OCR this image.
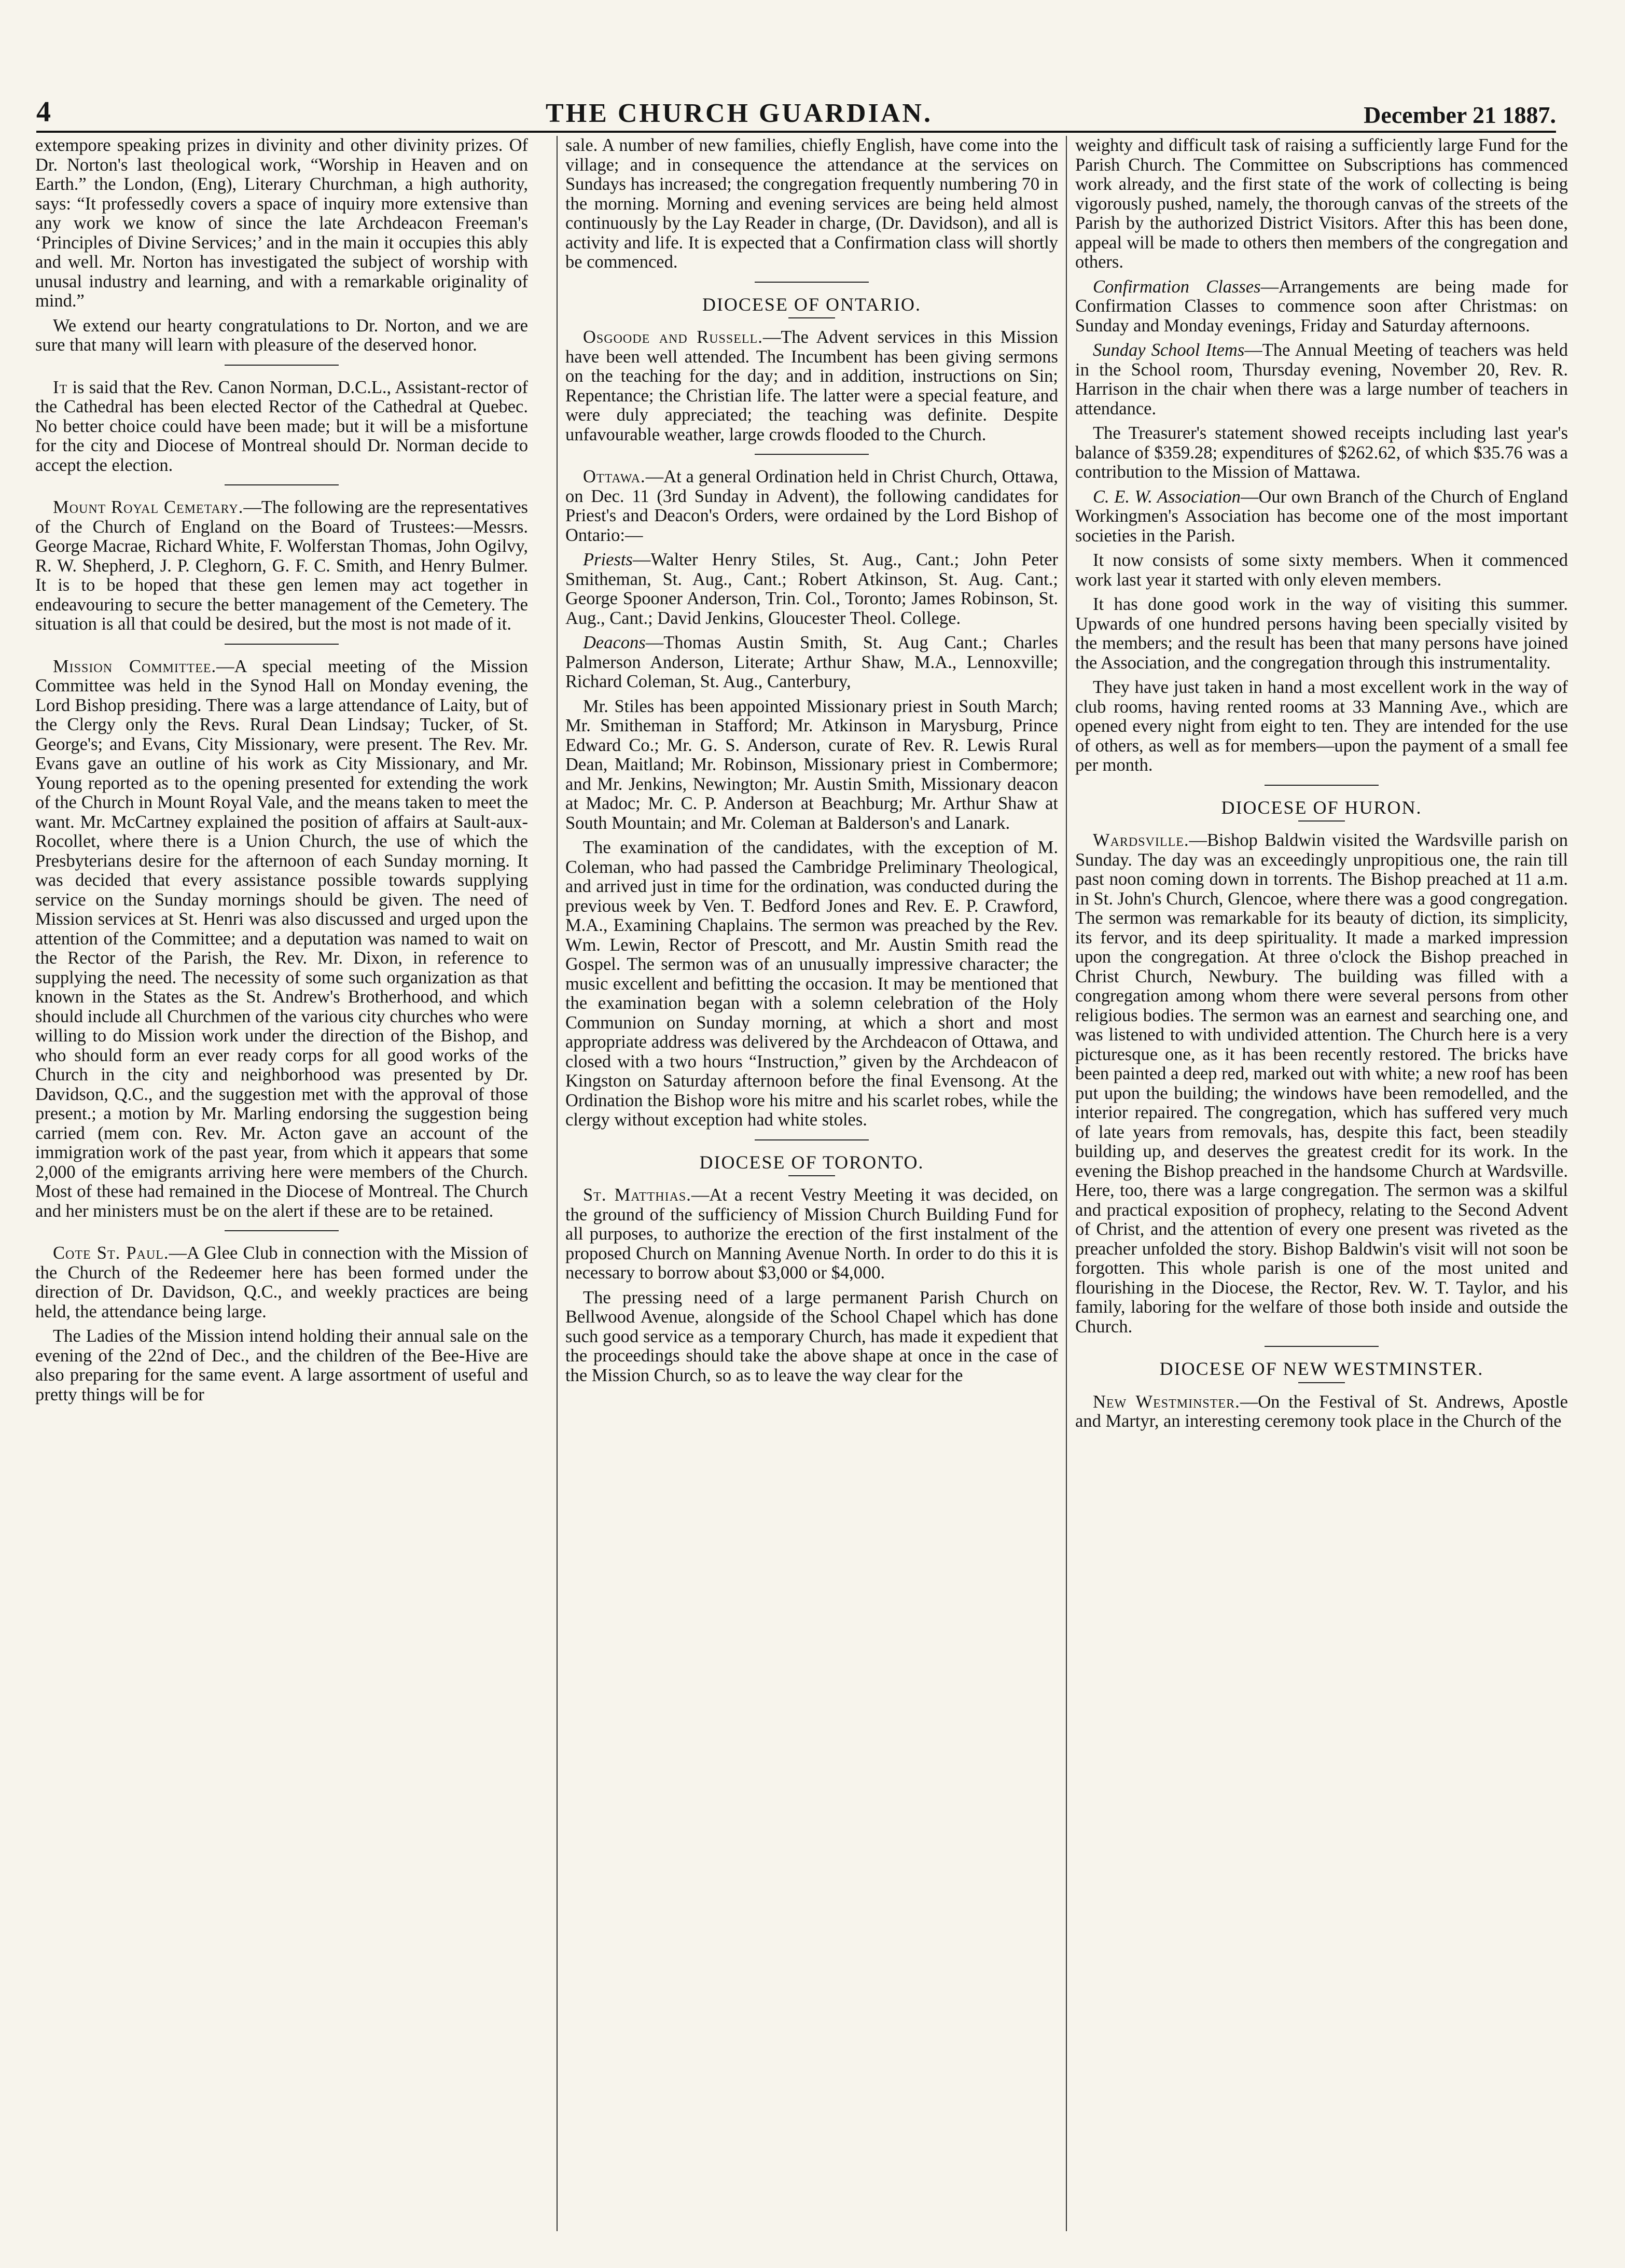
4	THE CHURCH GUARDIAN.	December 21 1887.

extempore speaking prizes in divinity and other divinity prizes. Of Dr. Norton's last theological work, “Worship in Heaven and on Earth.” the London, (Eng), Literary Churchman, a high authority, says: “It professedly covers a space of inquiry more extensive than any work we know of since the late Archdeacon Freeman's ‘Principles of Divine Services;’ and in the main it occupies this ably and well. Mr. Norton has investigated the subject of worship with unusal industry and learning, and with a remarkable originality of mind.”

We extend our hearty congratulations to Dr. Norton, and we are sure that many will learn with pleasure of the deserved honor.

It is said that the Rev. Canon Norman, D.C.L., Assistant-rector of the Cathedral has been elected Rector of the Cathedral at Quebec. No better choice could have been made; but it will be a misfortune for the city and Diocese of Montreal should Dr. Norman decide to accept the election.

Mount Royal Cemetary.—The following are the representatives of the Church of England on the Board of Trustees:—Messrs. George Macrae, Richard White, F. Wolferstan Thomas, John Ogilvy, R. W. Shepherd, J. P. Cleghorn, G. F. C. Smith, and Henry Bulmer. It is to be hoped that these gen lemen may act together in endeavouring to secure the better management of the Cemetery. The situation is all that could be desired, but the most is not made of it.

Mission Committee.—A special meeting of the Mission Committee was held in the Synod Hall on Monday evening, the Lord Bishop presiding. There was a large attendance of Laity, but of the Clergy only the Revs. Rural Dean Lindsay; Tucker, of St. George's; and Evans, City Missionary, were present. The Rev. Mr. Evans gave an outline of his work as City Missionary, and Mr. Young reported as to the opening presented for extending the work of the Church in Mount Royal Vale, and the means taken to meet the want. Mr. McCartney explained the position of affairs at Sault-aux-Rocollet, where there is a Union Church, the use of which the Presbyterians desire for the afternoon of each Sunday morning. It was decided that every assistance possible towards supplying service on the Sunday mornings should be given. The need of Mission services at St. Henri was also discussed and urged upon the attention of the Committee; and a deputation was named to wait on the Rector of the Parish, the Rev. Mr. Dixon, in reference to supplying the need. The necessity of some such organization as that known in the States as the St. Andrew's Brotherhood, and which should include all Churchmen of the various city churches who were willing to do Mission work under the direction of the Bishop, and who should form an ever ready corps for all good works of the Church in the city and neighborhood was presented by Dr. Davidson, Q.C., and the suggestion met with the approval of those present.; a motion by Mr. Marling endorsing the suggestion being carried (mem con. Rev. Mr. Acton gave an account of the immigration work of the past year, from which it appears that some 2,000 of the emigrants arriving here were members of the Church. Most of these had remained in the Diocese of Montreal. The Church and her ministers must be on the alert if these are to be retained.

Cote St. Paul.—A Glee Club in connection with the Mission of the Church of the Redeemer here has been formed under the direction of Dr. Davidson, Q.C., and weekly practices are being held, the attendance being large.

The Ladies of the Mission intend holding their annual sale on the evening of the 22nd of Dec., and the children of the Bee-Hive are also preparing for the same event. A large assortment of useful and pretty things will be for

sale. A number of new families, chiefly English, have come into the village; and in consequence the attendance at the services on Sundays has increased; the congregation frequently numbering 70 in the morning. Morning and evening services are being held almost continuously by the Lay Reader in charge, (Dr. Davidson), and all is activity and life. It is expected that a Confirmation class will shortly be commenced.

DIOCESE OF ONTARIO.

Osgoode and Russell.—The Advent services in this Mission have been well attended. The Incumbent has been giving sermons on the teaching for the day; and in addition, instructions on Sin; Repentance; the Christian life. The latter were a special feature, and were duly appreciated; the teaching was definite. Despite unfavourable weather, large crowds flooded to the Church.

Ottawa.—At a general Ordination held in Christ Church, Ottawa, on Dec. 11 (3rd Sunday in Advent), the following candidates for Priest's and Deacon's Orders, were ordained by the Lord Bishop of Ontario:—

Priests—Walter Henry Stiles, St. Aug., Cant.; John Peter Smitheman, St. Aug., Cant.; Robert Atkinson, St. Aug. Cant.; George Spooner Anderson, Trin. Col., Toronto; James Robinson, St. Aug., Cant.; David Jenkins, Gloucester Theol. College.

Deacons—Thomas Austin Smith, St. Aug Cant.; Charles Palmerson Anderson, Literate; Arthur Shaw, M.A., Lennoxville; Richard Coleman, St. Aug., Canterbury,

Mr. Stiles has been appointed Missionary priest in South March; Mr. Smitheman in Stafford; Mr. Atkinson in Marysburg, Prince Edward Co.; Mr. G. S. Anderson, curate of Rev. R. Lewis Rural Dean, Maitland; Mr. Robinson, Missionary priest in Combermore; and Mr. Jenkins, Newington; Mr. Austin Smith, Missionary deacon at Madoc; Mr. C. P. Anderson at Beachburg; Mr. Arthur Shaw at South Mountain; and Mr. Coleman at Balderson's and Lanark.

The examination of the candidates, with the exception of M. Coleman, who had passed the Cambridge Preliminary Theological, and arrived just in time for the ordination, was conducted during the previous week by Ven. T. Bedford Jones and Rev. E. P. Crawford, M.A., Examining Chaplains. The sermon was preached by the Rev. Wm. Lewin, Rector of Prescott, and Mr. Austin Smith read the Gospel. The sermon was of an unusually impressive character; the music excellent and befitting the occasion. It may be mentioned that the examination began with a solemn celebration of the Holy Communion on Sunday morning, at which a short and most appropriate address was delivered by the Archdeacon of Ottawa, and closed with a two hours “Instruction,” given by the Archdeacon of Kingston on Saturday afternoon before the final Evensong. At the Ordination the Bishop wore his mitre and his scarlet robes, while the clergy without exception had white stoles.

DIOCESE OF TORONTO.

St. Matthias.—At a recent Vestry Meeting it was decided, on the ground of the sufficiency of Mission Church Building Fund for all purposes, to authorize the erection of the first instalment of the proposed Church on Manning Avenue North. In order to do this it is necessary to borrow about $3,000 or $4,000.

The pressing need of a large permanent Parish Church on Bellwood Avenue, alongside of the School Chapel which has done such good service as a temporary Church, has made it expedient that the proceedings should take the above shape at once in the case of the Mission Church, so as to leave the way clear for the

weighty and difficult task of raising a sufficiently large Fund for the Parish Church. The Committee on Subscriptions has commenced work already, and the first state of the work of collecting is being vigorously pushed, namely, the thorough canvas of the streets of the Parish by the authorized District Visitors. After this has been done, appeal will be made to others then members of the congregation and others.

Confirmation Classes—Arrangements are being made for Confirmation Classes to commence soon after Christmas: on Sunday and Monday evenings, Friday and Saturday afternoons.

Sunday School Items—The Annual Meeting of teachers was held in the School room, Thursday evening, November 20, Rev. R. Harrison in the chair when there was a large number of teachers in attendance.

The Treasurer's statement showed receipts including last year's balance of $359.28; expenditures of $262.62, of which $35.76 was a contribution to the Mission of Mattawa.

C. E. W. Association—Our own Branch of the Church of England Workingmen's Association has become one of the most important societies in the Parish.

It now consists of some sixty members. When it commenced work last year it started with only eleven members.

It has done good work in the way of visiting this summer. Upwards of one hundred persons having been specially visited by the members; and the result has been that many persons have joined the Association, and the congregation through this instrumentality.

They have just taken in hand a most excellent work in the way of club rooms, having rented rooms at 33 Manning Ave., which are opened every night from eight to ten. They are intended for the use of others, as well as for members—upon the payment of a small fee per month.

DIOCESE OF HURON.

Wardsville.—Bishop Baldwin visited the Wardsville parish on Sunday. The day was an exceedingly unpropitious one, the rain till past noon coming down in torrents. The Bishop preached at 11 a.m. in St. John's Church, Glencoe, where there was a good congregation. The sermon was remarkable for its beauty of diction, its simplicity, its fervor, and its deep spirituality. It made a marked impression upon the congregation. At three o'clock the Bishop preached in Christ Church, Newbury. The building was filled with a congregation among whom there were several persons from other religious bodies. The sermon was an earnest and searching one, and was listened to with undivided attention. The Church here is a very picturesque one, as it has been recently restored. The bricks have been painted a deep red, marked out with white; a new roof has been put upon the building; the windows have been remodelled, and the interior repaired. The congregation, which has suffered very much of late years from removals, has, despite this fact, been steadily building up, and deserves the greatest credit for its work. In the evening the Bishop preached in the handsome Church at Wardsville. Here, too, there was a large congregation. The sermon was a skilful and practical exposition of prophecy, relating to the Second Advent of Christ, and the attention of every one present was riveted as the preacher unfolded the story. Bishop Baldwin's visit will not soon be forgotten. This whole parish is one of the most united and flourishing in the Diocese, the Rector, Rev. W. T. Taylor, and his family, laboring for the welfare of those both inside and outside the Church.

DIOCESE OF NEW WESTMINSTER.

New Westminster.—On the Festival of St. Andrews, Apostle and Martyr, an interesting ceremony took place in the Church of the
